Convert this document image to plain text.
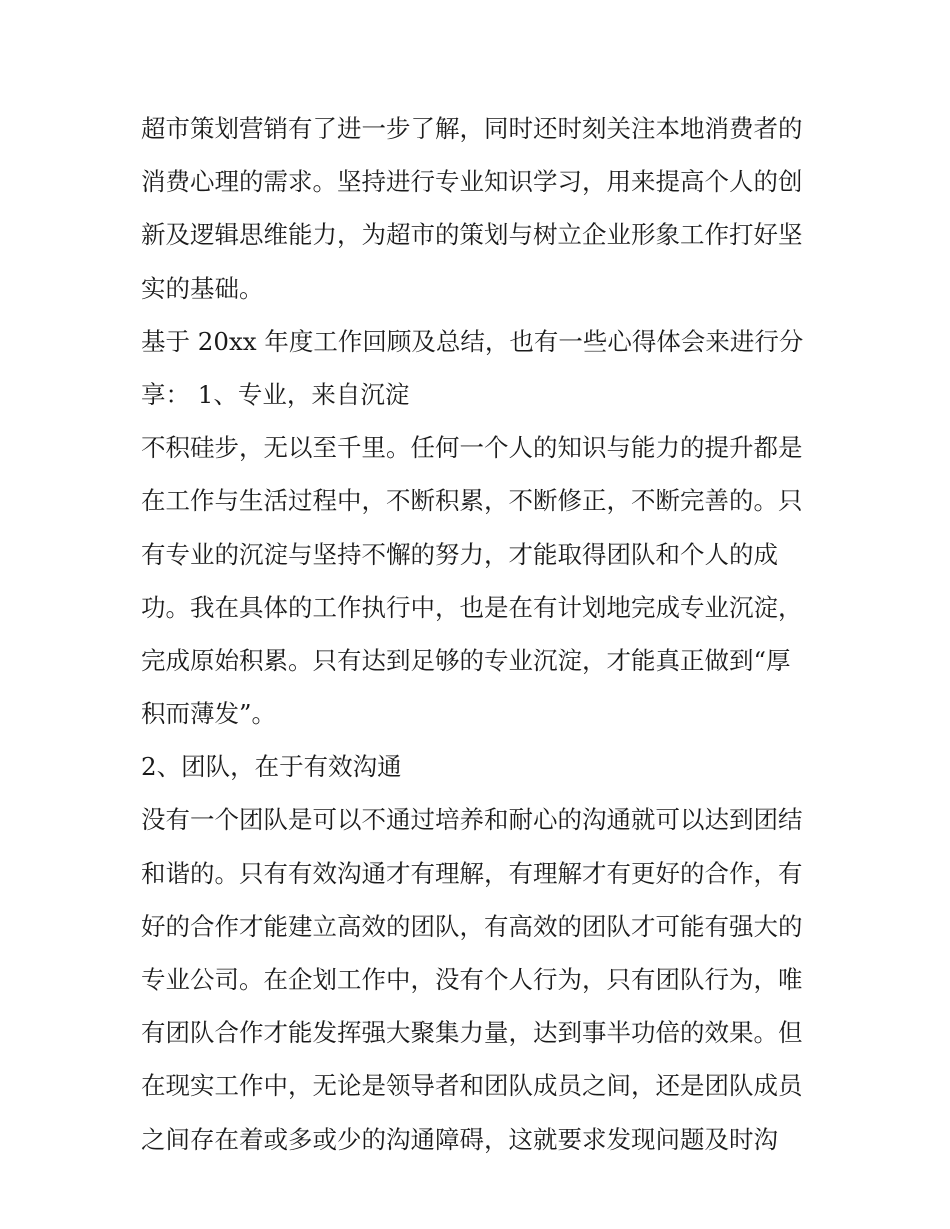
超市策划营销有了进一步了解，同时还时刻关注本地消费者的
消费心理的需求。坚持进行专业知识学习，用来提高个人的创
新及逻辑思维能力，为超市的策划与树立企业形象工作打好坚
实的基础。
基于 20xx 年度工作回顾及总结，也有一些心得体会来进行分
享： 1、专业，来自沉淀
不积硅步，无以至千里。任何一个人的知识与能力的提升都是
在工作与生活过程中，不断积累，不断修正，不断完善的。只
有专业的沉淀与坚持不懈的努力，才能取得团队和个人的成
功。我在具体的工作执行中，也是在有计划地完成专业沉淀，
完成原始积累。只有达到足够的专业沉淀，才能真正做到“厚
积而薄发”。
2、团队，在于有效沟通
没有一个团队是可以不通过培养和耐心的沟通就可以达到团结
和谐的。只有有效沟通才有理解，有理解才有更好的合作，有
好的合作才能建立高效的团队，有高效的团队才可能有强大的
专业公司。在企划工作中，没有个人行为，只有团队行为，唯
有团队合作才能发挥强大聚集力量，达到事半功倍的效果。但
在现实工作中，无论是领导者和团队成员之间，还是团队成员
之间存在着或多或少的沟通障碍，这就要求发现问题及时沟
